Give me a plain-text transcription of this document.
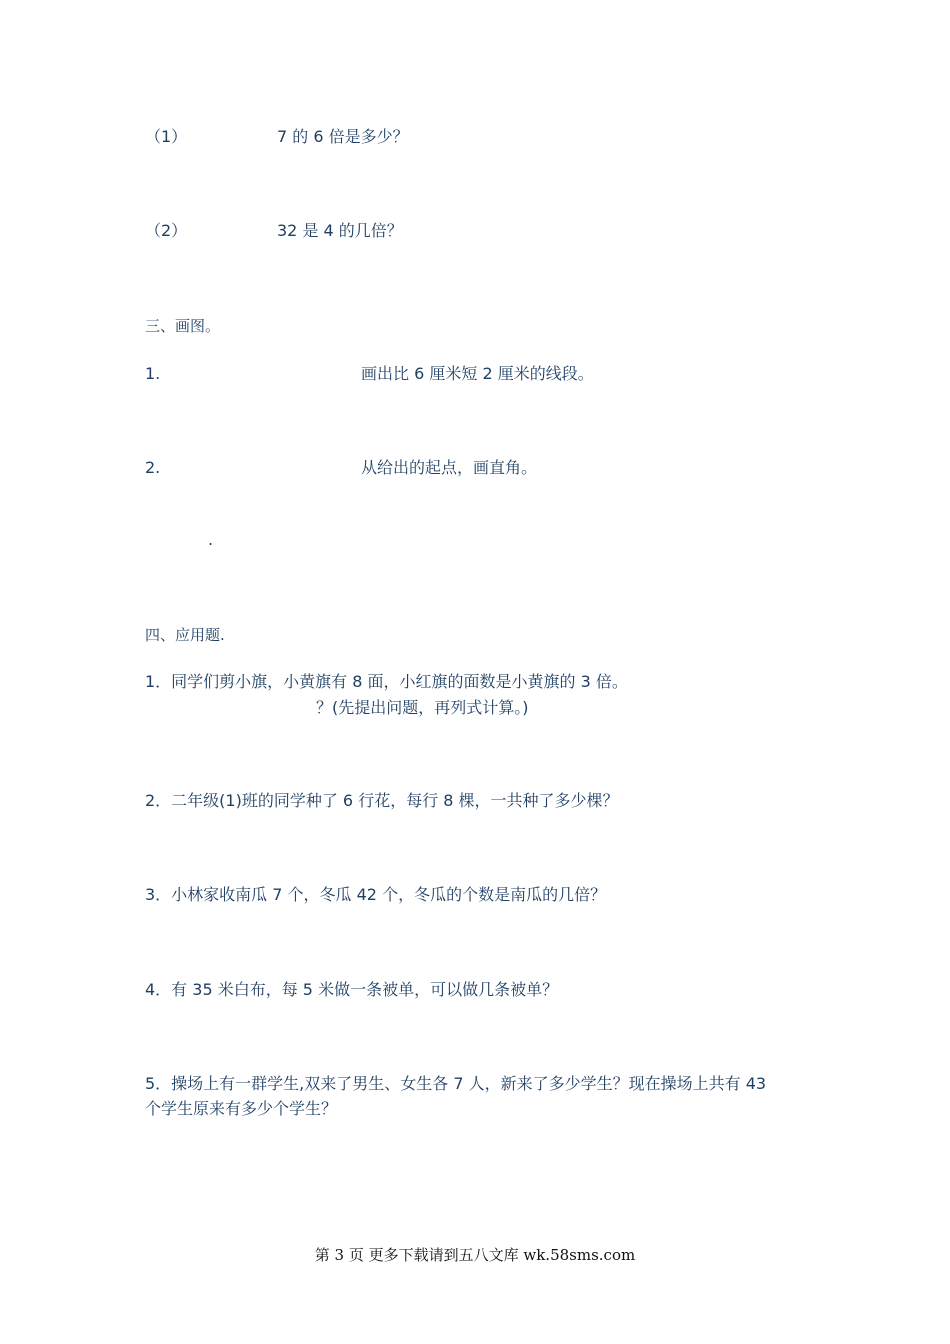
（1）	7 的 6 倍是多少？
（2）	32 是 4 的几倍？
三、画图。
1.	画出比 6 厘米短 2 厘米的线段。
2.	从给出的起点，画直角。
.
四、应用题.
1．同学们剪小旗，小黄旗有 8 面，小红旗的面数是小黄旗的 3 倍。
？(先提出问题，再列式计算。)
2．二年级(1)班的同学种了 6 行花，每行 8 棵，一共种了多少棵？
3．小林家收南瓜 7 个，冬瓜 42 个，冬瓜的个数是南瓜的几倍？
4．有 35 米白布，每 5 米做一条被单，可以做几条被单？
5．操场上有一群学生,双来了男生、女生各 7 人，新来了多少学生？现在操场上共有 43
个学生原来有多少个学生？
第 3 页 更多下载请到五八文库 wk.58sms.com
